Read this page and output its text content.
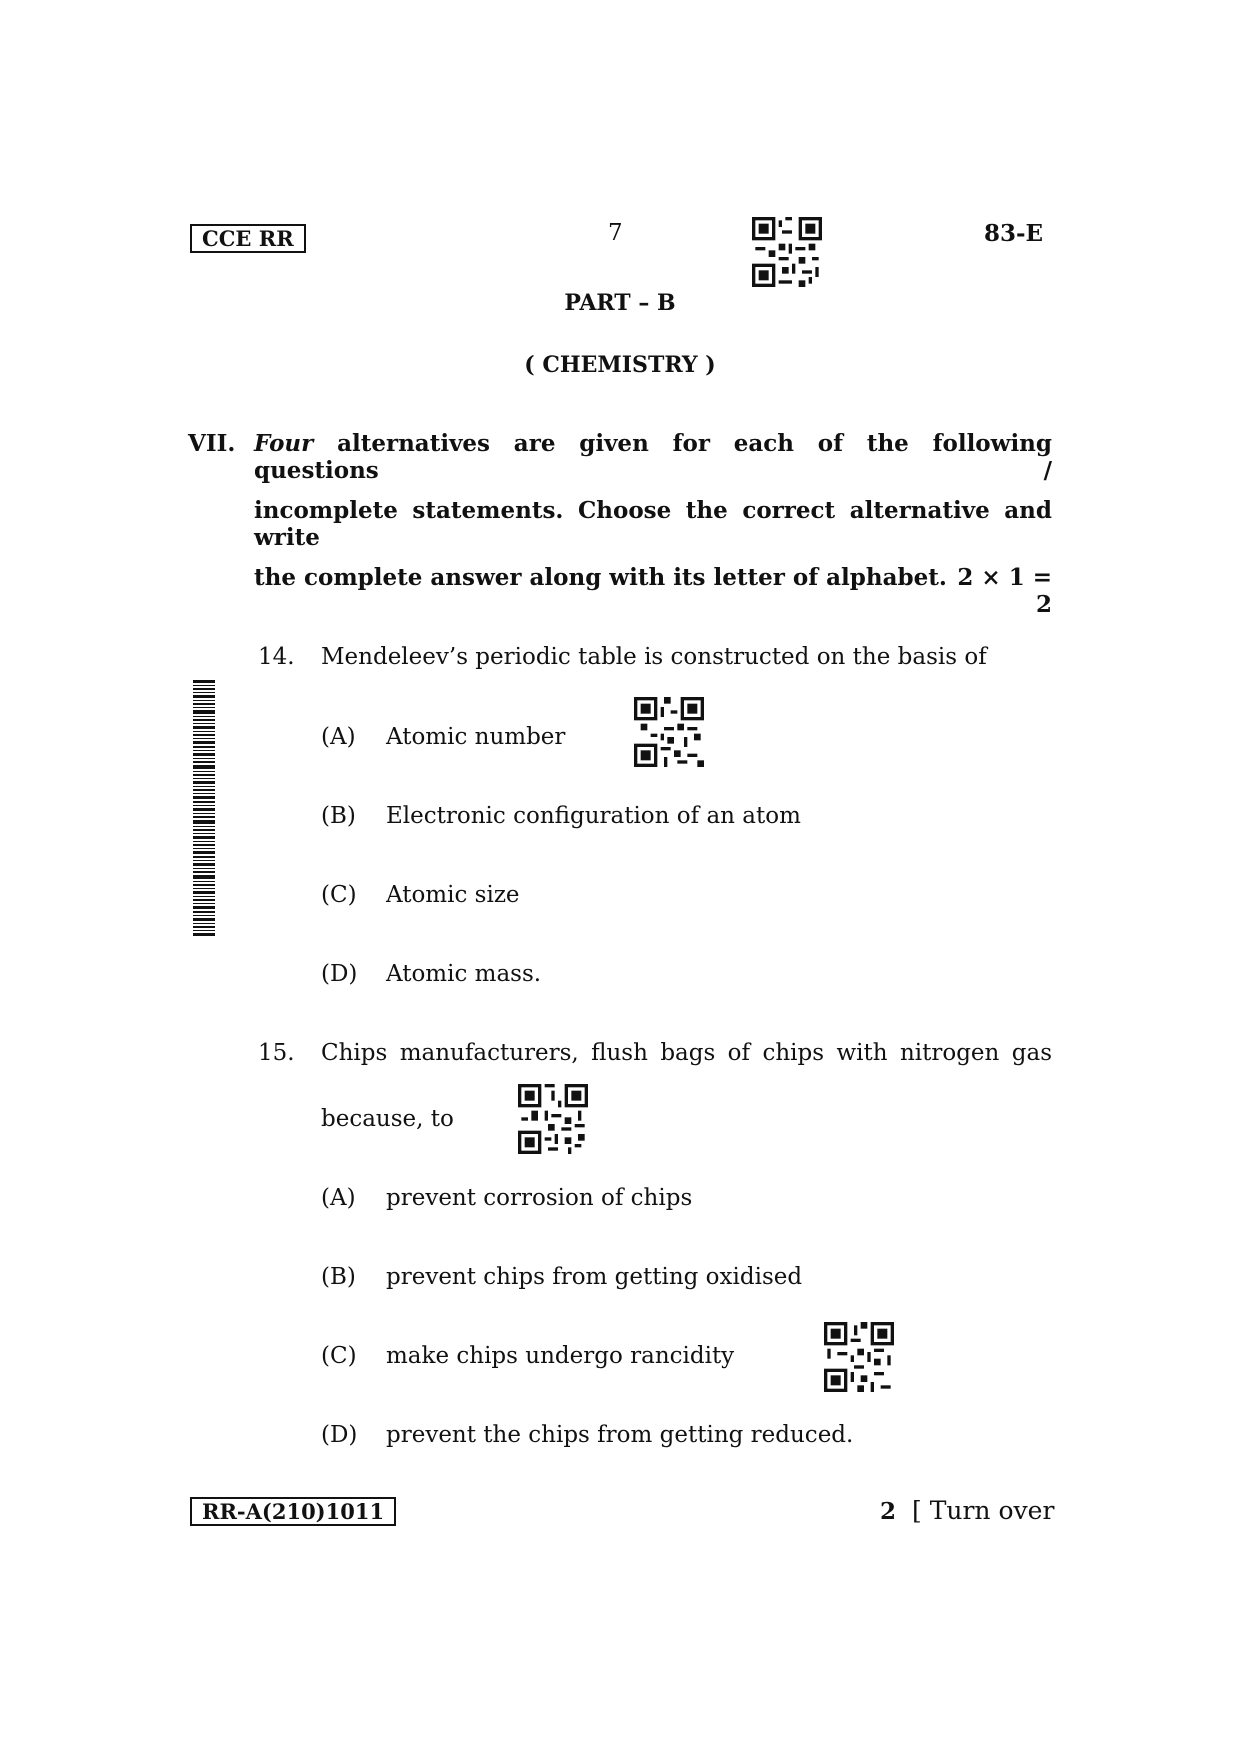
CCE RR	7	83-E
PART – B
( CHEMISTRY )
VII. Four alternatives are given for each of the following questions /
incomplete statements. Choose the correct alternative and write
the complete answer along with its letter of alphabet. 2 × 1 = 2
14. Mendeleev’s periodic table is constructed on the basis of
(A) Atomic number
(B) Electronic configuration of an atom
(C) Atomic size
(D) Atomic mass.
15. Chips manufacturers, flush bags of chips with nitrogen gas
because, to
(A) prevent corrosion of chips
(B) prevent chips from getting oxidised
(C) make chips undergo rancidity
(D) prevent the chips from getting reduced.
RR-A(210)1011	2 [ Turn over
